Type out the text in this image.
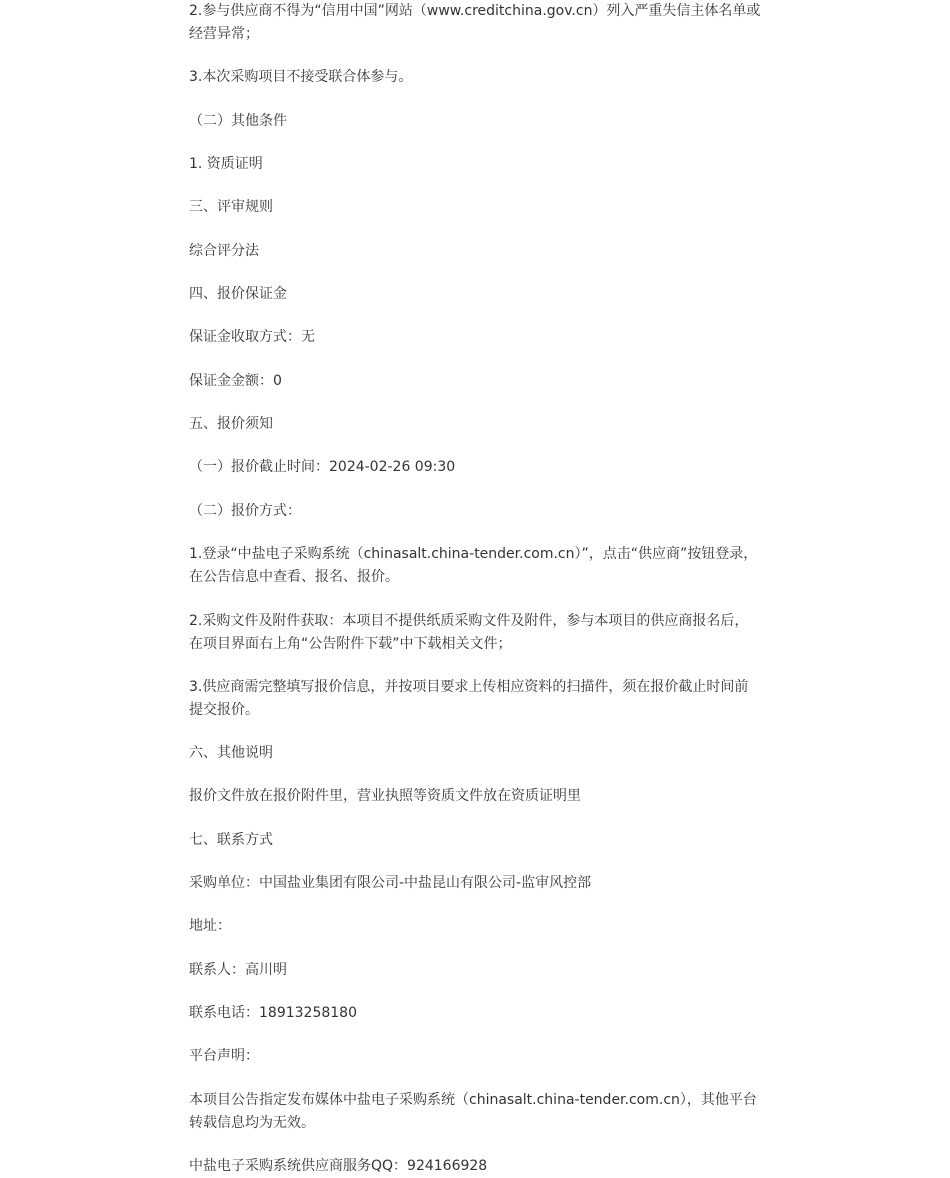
2.参与供应商不得为“信用中国”网站（www.creditchina.gov.cn）列入严重失信主体名单或经营异常；

3.本次采购项目不接受联合体参与。

（二）其他条件

1. 资质证明

三、评审规则

综合评分法

四、报价保证金

保证金收取方式：无

保证金金额：0

五、报价须知

（一）报价截止时间：2024-02-26 09:30

（二）报价方式：

1.登录“中盐电子采购系统（chinasalt.china-tender.com.cn）”，点击“供应商”按钮登录，在公告信息中查看、报名、报价。

2.采购文件及附件获取：本项目不提供纸质采购文件及附件，参与本项目的供应商报名后，在项目界面右上角“公告附件下载”中下载相关文件；

3.供应商需完整填写报价信息，并按项目要求上传相应资料的扫描件，须在报价截止时间前提交报价。

六、其他说明

报价文件放在报价附件里，营业执照等资质文件放在资质证明里

七、联系方式

采购单位：中国盐业集团有限公司-中盐昆山有限公司-监审风控部

地址：

联系人：高川明

联系电话：18913258180

平台声明：

本项目公告指定发布媒体中盐电子采购系统（chinasalt.china-tender.com.cn），其他平台转载信息均为无效。

中盐电子采购系统供应商服务QQ：924166928
